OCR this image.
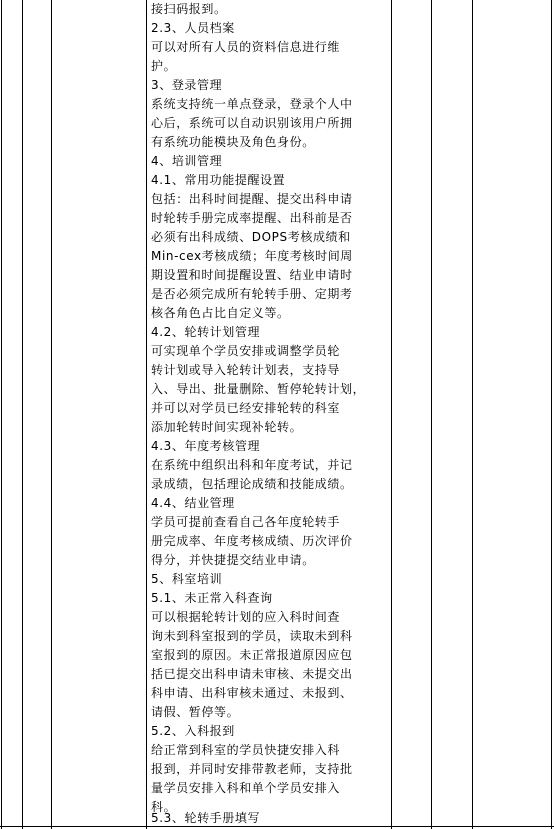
接扫码报到。
2.3、人员档案
可以对所有人员的资料信息进行维
护。
3、登录管理
系统支持统一单点登录，登录个人中
心后，系统可以自动识别该用户所拥
有系统功能模块及角色身份。
4、培训管理
4.1、常用功能提醒设置
包括：出科时间提醒、提交出科申请
时轮转手册完成率提醒、出科前是否
必须有出科成绩、DOPS考核成绩和
Min-cex考核成绩；年度考核时间周
期设置和时间提醒设置、结业申请时
是否必须完成所有轮转手册、定期考
核各角色占比自定义等。
4.2、轮转计划管理
可实现单个学员安排或调整学员轮
转计划或导入轮转计划表，支持导
入、导出、批量删除、暂停轮转计划，
并可以对学员已经安排轮转的科室
添加轮转时间实现补轮转。
4.3、年度考核管理
在系统中组织出科和年度考试，并记
录成绩，包括理论成绩和技能成绩。
4.4、结业管理
学员可提前查看自己各年度轮转手
册完成率、年度考核成绩、历次评价
得分，并快捷提交结业申请。
5、科室培训
5.1、未正常入科查询
可以根据轮转计划的应入科时间查
询未到科室报到的学员，读取未到科
室报到的原因。未正常报道原因应包
括已提交出科申请未审核、未提交出
科申请、出科审核未通过、未报到、
请假、暂停等。
5.2、入科报到
给正常到科室的学员快捷安排入科
报到，并同时安排带教老师，支持批
量学员安排入科和单个学员安排入
科。
5.3、轮转手册填写
